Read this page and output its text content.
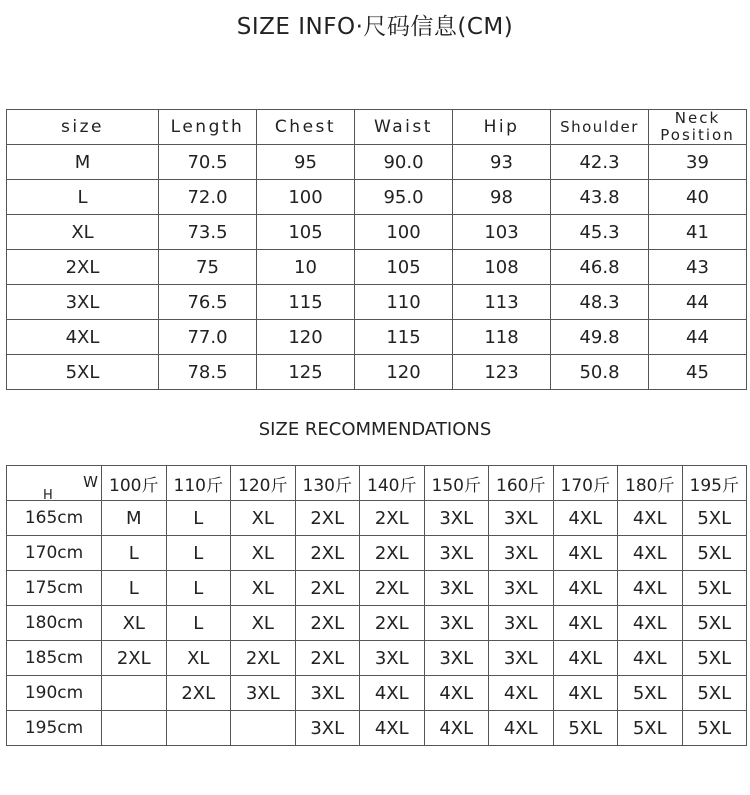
SIZE INFO·尺码信息(CM)
size	Length	Chest	Waist	Hip	Shoulder	Neck Position
M	70.5	95	90.0	93	42.3	39
L	72.0	100	95.0	98	43.8	40
XL	73.5	105	100	103	45.3	41
2XL	75	10	105	108	46.8	43
3XL	76.5	115	110	113	48.3	44
4XL	77.0	120	115	118	49.8	44
5XL	78.5	125	120	123	50.8	45
SIZE RECOMMENDATIONS
W
H	100斤	110斤	120斤	130斤	140斤	150斤	160斤	170斤	180斤	195斤
165cm	M	L	XL	2XL	2XL	3XL	3XL	4XL	4XL	5XL
170cm	L	L	XL	2XL	2XL	3XL	3XL	4XL	4XL	5XL
175cm	L	L	XL	2XL	2XL	3XL	3XL	4XL	4XL	5XL
180cm	XL	L	XL	2XL	2XL	3XL	3XL	4XL	4XL	5XL
185cm	2XL	XL	2XL	2XL	3XL	3XL	3XL	4XL	4XL	5XL
190cm		2XL	3XL	3XL	4XL	4XL	4XL	4XL	5XL	5XL
195cm				3XL	4XL	4XL	4XL	5XL	5XL	5XL
